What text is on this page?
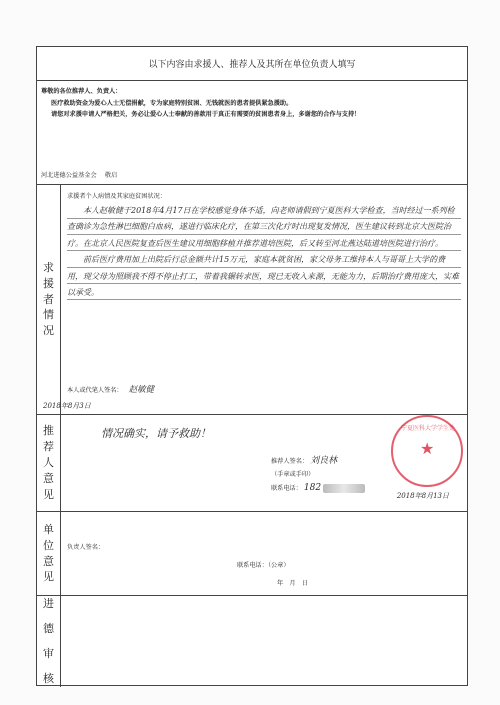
以下内容由求援人、推荐人及其所在单位负责人填写

尊敬的各位推荐人、负责人：

医疗救助资金为爱心人士无偿捐献，专为家庭特别贫困、无钱就医的患者提供紧急援助。

请您对求援申请人严格把关，务必让爱心人士奉献的善款用于真正有需要的贫困患者身上，多谢您的合作与支持！

河北进德公益基金会　 敬启
求
援
者
情
况
求援者个人病情及其家庭贫困状况：

本人赵敏健于2018年4月17日在学校感觉身体不适，向老师请假到宁夏医科大学检查，当时经过一系列检查确诊为急性淋巴细胞白血病，遂进行临床化疗，在第三次化疗时出现复发情况，医生建议转到北京大医院治疗。在北京人民医院复查后医生建议用细胞移植并推荐道培医院，后又转至河北燕达陆道培医院进行治疗。

前后医疗费用加上出院后行总金额共计15万元，家庭本就贫困，家父母务工维持本人与哥哥上大学的费用，现父母为照顾我不得不停止打工，带着我辗转求医，现已无收入来源，无能为力，后期治疗费用庞大，实难以承受。

本人或代笔人签名： 赵敏健
2018年8月3日
推
荐
人
意
见
情况确实，请予救助！	宁夏医科大学学生处
★
推荐人签名： 刘良林
（手章或手印）
联系电话： 182
2018年8月13日
单
位
意
见
负责人签名：
联系电话：（公章）
年　月　日
进
德
审
核
